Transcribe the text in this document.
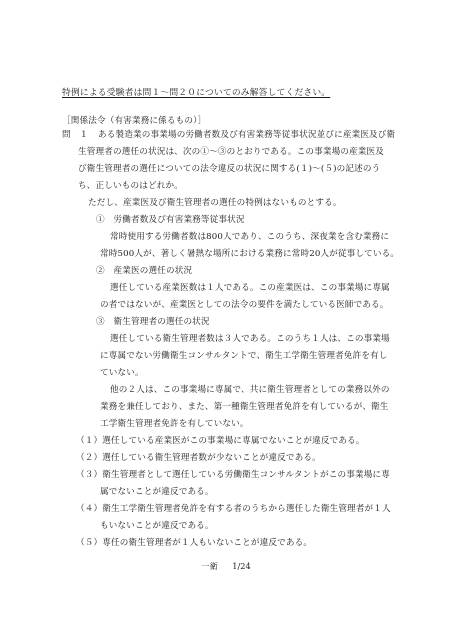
特例による受験者は問１～問２０についてのみ解答してください。
［関係法令（有害業務に係るもの）］
問　１ ある製造業の事業場の労働者数及び有害業務等従事状況並びに産業医及び衛
生管理者の選任の状況は、次の①～③のとおりである。この事業場の産業医及
び衛生管理者の選任についての法令違反の状況に関する(１)～(５)の記述のう
ち、正しいものはどれか。
ただし、産業医及び衛生管理者の選任の特例はないものとする。
①　労働者数及び有害業務等従事状況
常時使用する労働者数は800人であり、このうち、深夜業を含む業務に
常時500人が、著しく暑熱な場所における業務に常時20人が従事している。
②　産業医の選任の状況
選任している産業医数は１人である。この産業医は、この事業場に専属
の者ではないが、産業医としての法令の要件を満たしている医師である。
③　衛生管理者の選任の状況
選任している衛生管理者数は３人である。このうち１人は、この事業場
に専属でない労働衛生コンサルタントで、衛生工学衛生管理者免許を有し
ていない。
他の２人は、この事業場に専属で、共に衛生管理者としての業務以外の
業務を兼任しており、また、第一種衛生管理者免許を有しているが、衛生
工学衛生管理者免許を有していない。
（１）選任している産業医がこの事業場に専属でないことが違反である。
（２）選任している衛生管理者数が少ないことが違反である。
（３）衛生管理者として選任している労働衛生コンサルタントがこの事業場に専
属でないことが違反である。
（４）衛生工学衛生管理者免許を有する者のうちから選任した衛生管理者が１人
もいないことが違反である。
（５）専任の衛生管理者が１人もいないことが違反である。
一衛 1/24
